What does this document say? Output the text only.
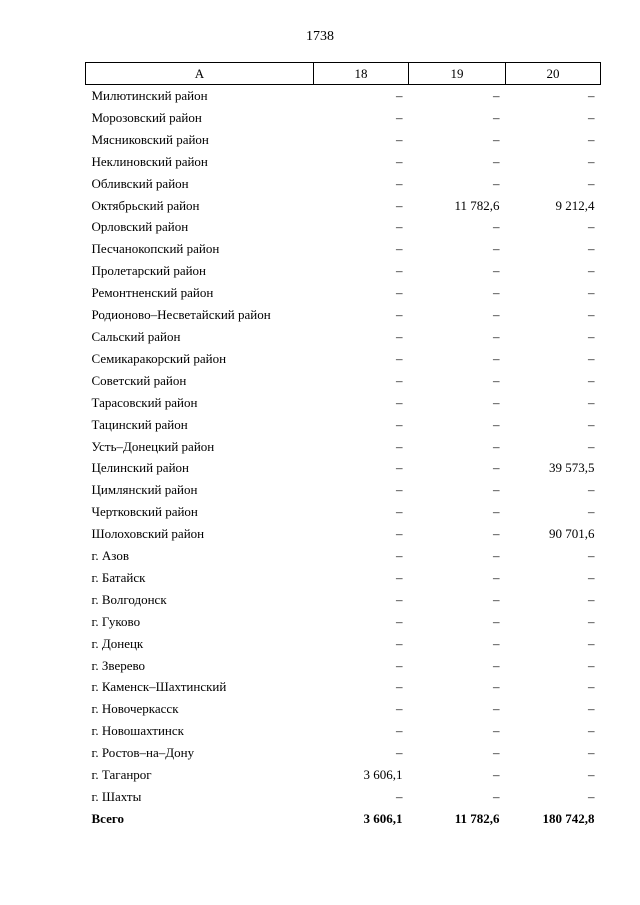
1738
А	18	19	20
Милютинский район	–	–	–
Морозовский район	–	–	–
Мясниковский район	–	–	–
Неклиновский район	–	–	–
Обливский район	–	–	–
Октябрьский район	–	11 782,6	9 212,4
Орловский район	–	–	–
Песчанокопский район	–	–	–
Пролетарский район	–	–	–
Ремонтненский район	–	–	–
Родионово–Несветайский район	–	–	–
Сальский район	–	–	–
Семикаракорский район	–	–	–
Советский район	–	–	–
Тарасовский район	–	–	–
Тацинский район	–	–	–
Усть–Донецкий район	–	–	–
Целинский район	–	–	39 573,5
Цимлянский район	–	–	–
Чертковский район	–	–	–
Шолоховский район	–	–	90 701,6
г. Азов	–	–	–
г. Батайск	–	–	–
г. Волгодонск	–	–	–
г. Гуково	–	–	–
г. Донецк	–	–	–
г. Зверево	–	–	–
г. Каменск–Шахтинский	–	–	–
г. Новочеркасск	–	–	–
г. Новошахтинск	–	–	–
г. Ростов–на–Дону	–	–	–
г. Таганрог	3 606,1	–	–
г. Шахты	–	–	–
Всего	3 606,1	11 782,6	180 742,8
